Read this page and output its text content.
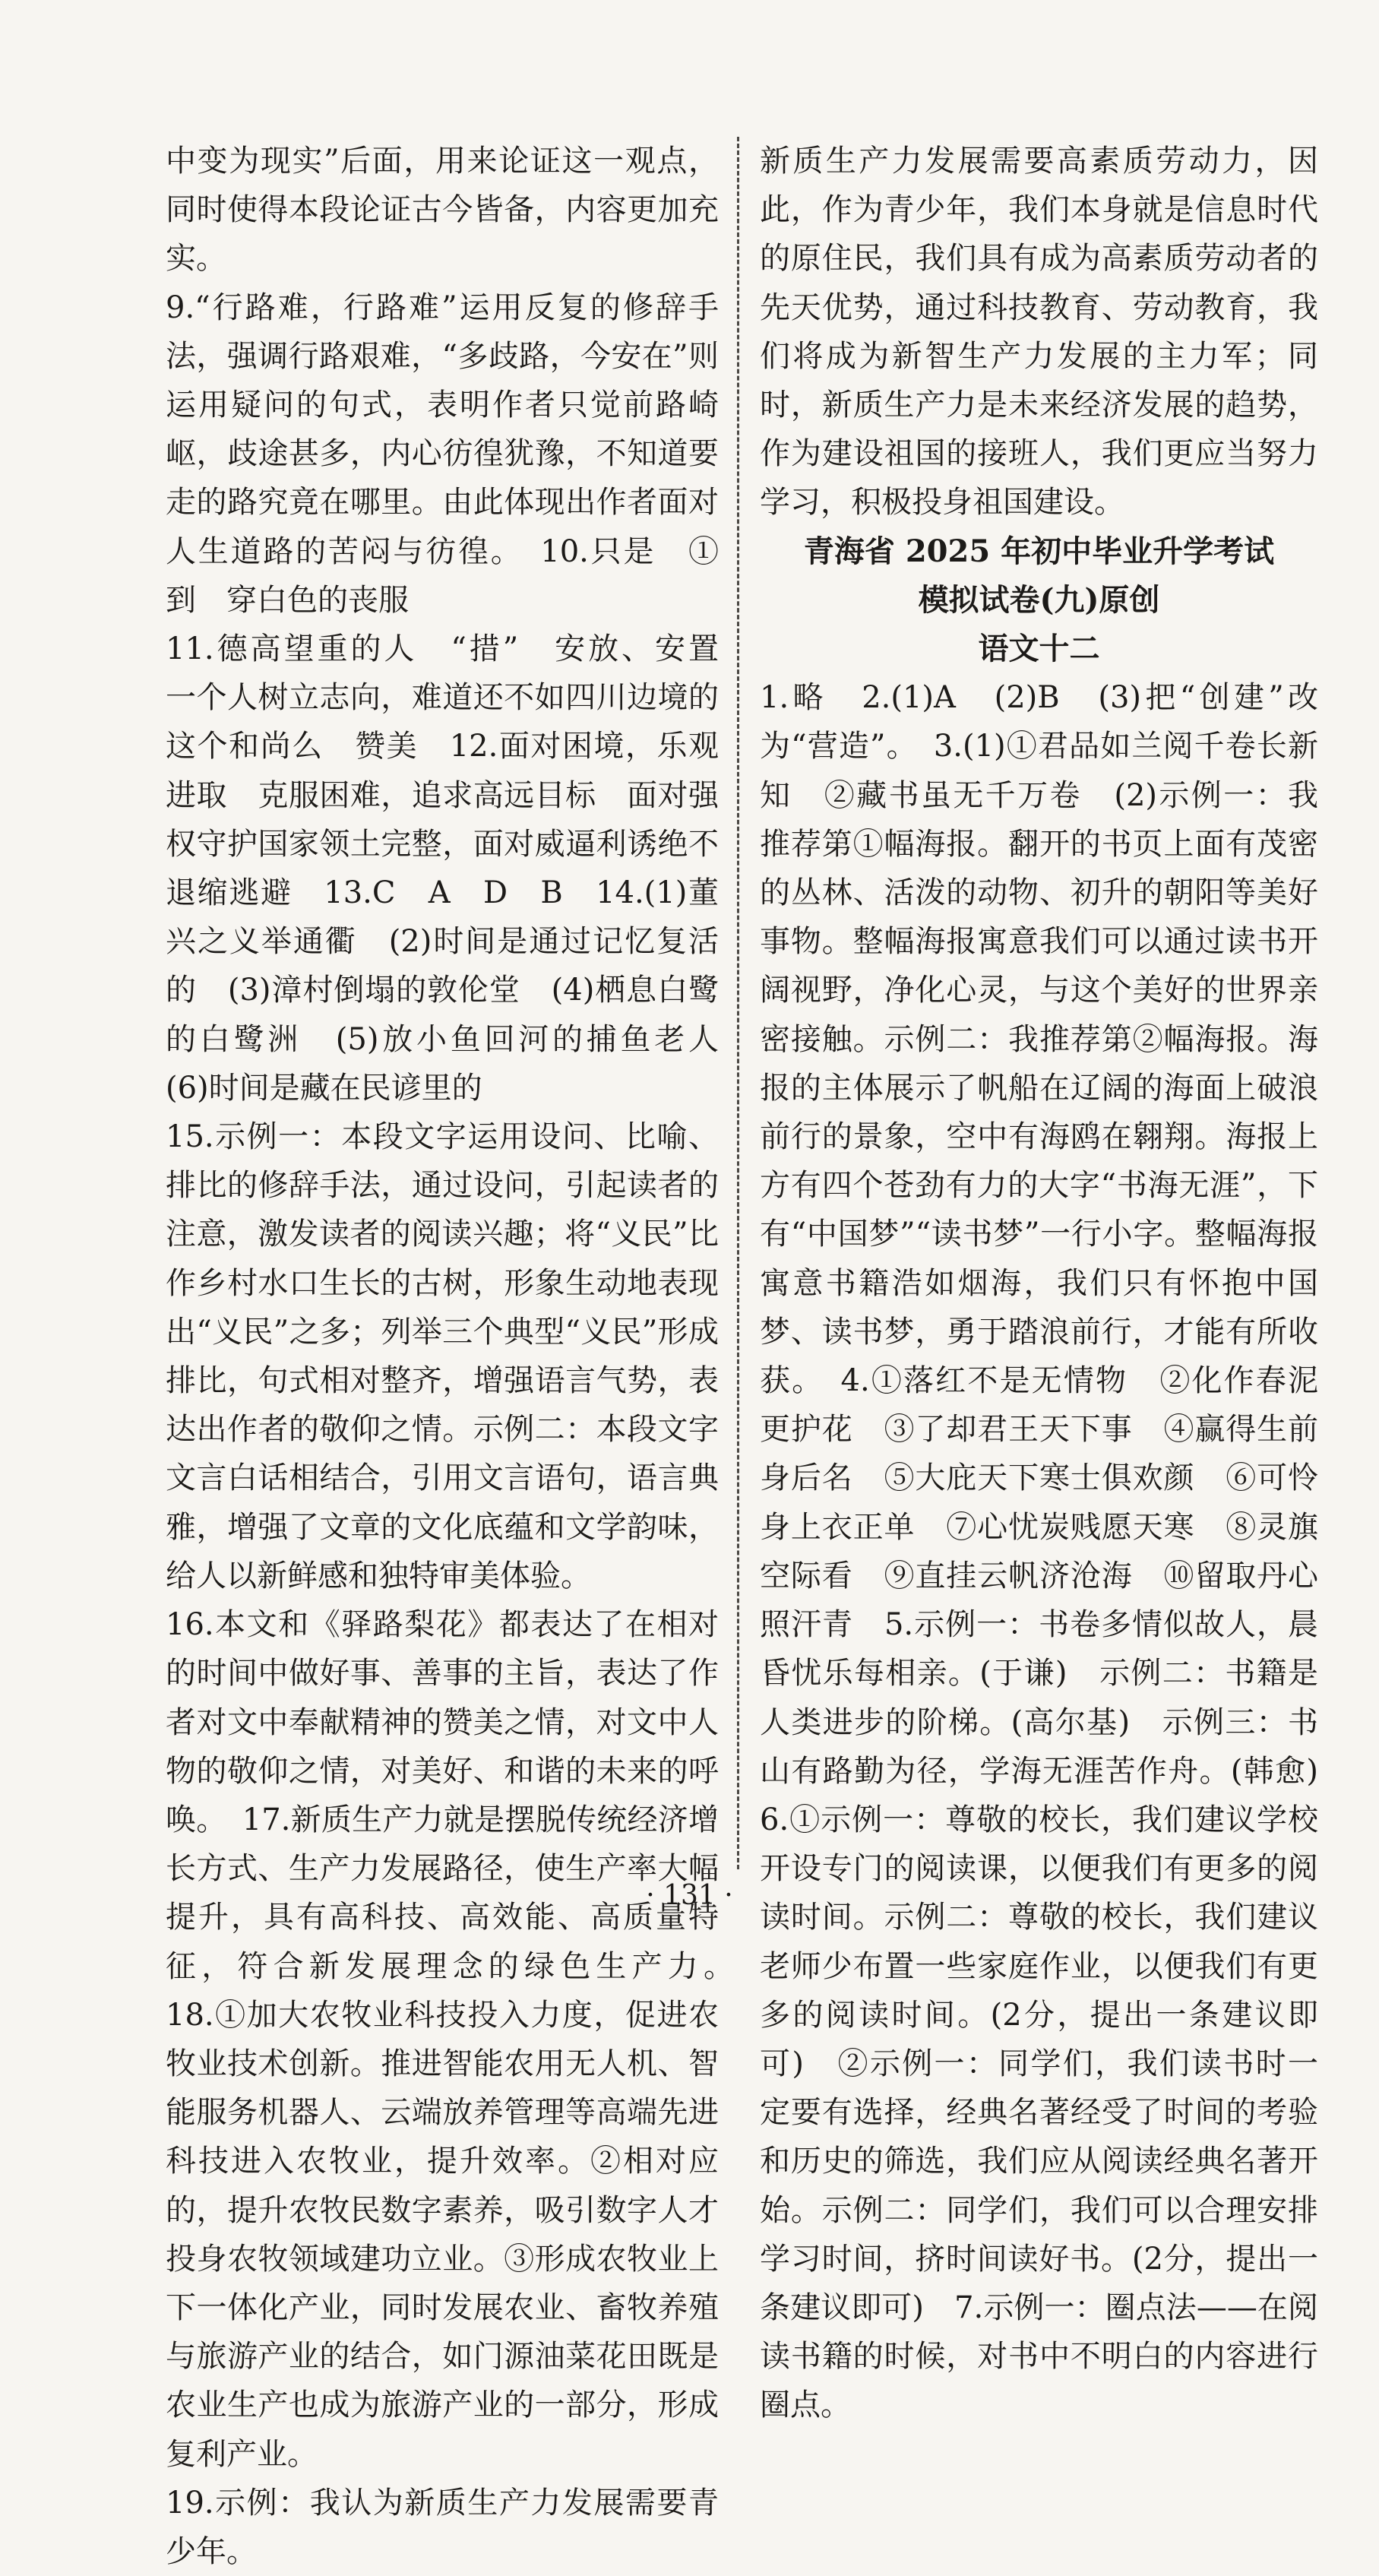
中变为现实”后面，用来论证这一观点，同时使得本段论证古今皆备，内容更加充实。

9.“行路难，行路难”运用反复的修辞手法，强调行路艰难，“多歧路，今安在”则运用疑问的句式，表明作者只觉前路崎岖，歧途甚多，内心彷徨犹豫，不知道要走的路究竟在哪里。由此体现出作者面对人生道路的苦闷与彷徨。　10.只是　①　到　穿白色的丧服

11.德高望重的人　“措”　安放、安置　一个人树立志向，难道还不如四川边境的这个和尚么　赞美　12.面对困境，乐观进取　克服困难，追求高远目标　面对强权守护国家领土完整，面对威逼利诱绝不退缩逃避　13.C　A　D　B　14.(1)董兴之义举通衢　(2)时间是通过记忆复活的　(3)漳村倒塌的敦伦堂　(4)栖息白鹭的白鹭洲　(5)放小鱼回河的捕鱼老人　(6)时间是藏在民谚里的

15.示例一：本段文字运用设问、比喻、排比的修辞手法，通过设问，引起读者的注意，激发读者的阅读兴趣；将“义民”比作乡村水口生长的古树，形象生动地表现出“义民”之多；列举三个典型“义民”形成排比，句式相对整齐，增强语言气势，表达出作者的敬仰之情。示例二：本段文字文言白话相结合，引用文言语句，语言典雅，增强了文章的文化底蕴和文学韵味，给人以新鲜感和独特审美体验。

16.本文和《驿路梨花》都表达了在相对的时间中做好事、善事的主旨，表达了作者对文中奉献精神的赞美之情，对文中人物的敬仰之情，对美好、和谐的未来的呼唤。　17.新质生产力就是摆脱传统经济增长方式、生产力发展路径，使生产率大幅提升，具有高科技、高效能、高质量特征，符合新发展理念的绿色生产力。　18.①加大农牧业科技投入力度，促进农牧业技术创新。推进智能农用无人机、智能服务机器人、云端放养管理等高端先进科技进入农牧业，提升效率。②相对应的，提升农牧民数字素养，吸引数字人才投身农牧领域建功立业。③形成农牧业上下一体化产业，同时发展农业、畜牧养殖与旅游产业的结合，如门源油菜花田既是农业生产也成为旅游产业的一部分，形成复利产业。

19.示例：我认为新质生产力发展需要青少年。

新质生产力发展需要高素质劳动力，因此，作为青少年，我们本身就是信息时代的原住民，我们具有成为高素质劳动者的先天优势，通过科技教育、劳动教育，我们将成为新智生产力发展的主力军；同时，新质生产力是未来经济发展的趋势，作为建设祖国的接班人，我们更应当努力学习，积极投身祖国建设。

青海省 2025 年初中毕业升学考试
模拟试卷(九)原创
语文十二

1.略　2.(1)A　(2)B　(3)把“创建”改为“营造”。　3.(1)①君品如兰阅千卷长新知　②藏书虽无千万卷　(2)示例一：我推荐第①幅海报。翻开的书页上面有茂密的丛林、活泼的动物、初升的朝阳等美好事物。整幅海报寓意我们可以通过读书开阔视野，净化心灵，与这个美好的世界亲密接触。示例二：我推荐第②幅海报。海报的主体展示了帆船在辽阔的海面上破浪前行的景象，空中有海鸥在翱翔。海报上方有四个苍劲有力的大字“书海无涯”，下有“中国梦”“读书梦”一行小字。整幅海报寓意书籍浩如烟海，我们只有怀抱中国梦、读书梦，勇于踏浪前行，才能有所收获。　4.①落红不是无情物　②化作春泥更护花　③了却君王天下事　④赢得生前身后名　⑤大庇天下寒士俱欢颜　⑥可怜身上衣正单　⑦心忧炭贱愿天寒　⑧灵旗空际看　⑨直挂云帆济沧海　⑩留取丹心照汗青　5.示例一：书卷多情似故人，晨昏忧乐每相亲。(于谦)　示例二：书籍是人类进步的阶梯。(高尔基)　示例三：书山有路勤为径，学海无涯苦作舟。(韩愈)　6.①示例一：尊敬的校长，我们建议学校开设专门的阅读课，以便我们有更多的阅读时间。示例二：尊敬的校长，我们建议老师少布置一些家庭作业，以便我们有更多的阅读时间。(2分，提出一条建议即可)　②示例一：同学们，我们读书时一定要有选择，经典名著经受了时间的考验和历史的筛选，我们应从阅读经典名著开始。示例二：同学们，我们可以合理安排学习时间，挤时间读好书。(2分，提出一条建议即可)　7.示例一：圈点法——在阅读书籍的时候，对书中不明白的内容进行圈点。

· 131 ·
